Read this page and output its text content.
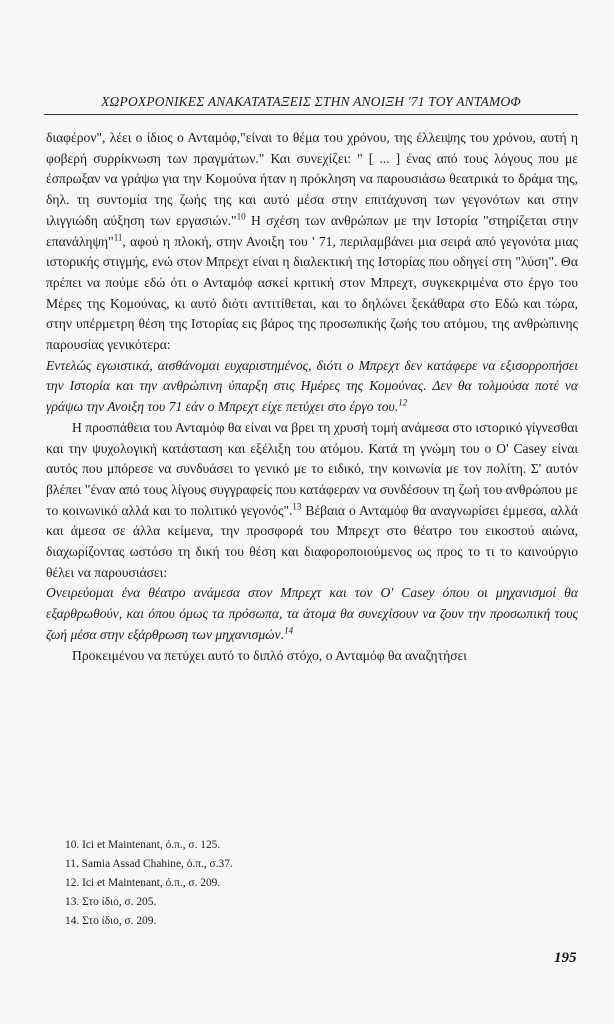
ΧΩΡΟΧΡΟΝΙΚΕΣ ΑΝΑΚΑΤΑΤΑΞΕΙΣ ΣΤΗΝ ΑΝΟΙΞΗ '71 ΤΟΥ ΑΝΤΑΜΟΦ

διαφέρον", λέει ο ίδιος ο Ανταμόφ,"είναι το θέμα του χρόνου, της έλλειψης του χρόνου, αυτή η φοβερή συρρίκνωση των πραγμάτων." Και συνεχίζει: " [ ... ] ένας από τους λόγους που με έσπρωξαν να γράψω για την Κομούνα ήταν η πρόκληση να παρουσιάσω θεατρικά το δράμα της, δηλ. τη συντομία της ζωής της και αυτό μέσα στην επιτάχυνση των γεγονότων και στην ιλιγγιώδη αύξηση των εργασιών."$^{10}$ Η σχέση των ανθρώπων με την Ιστορία "στηρίζεται στην επανάληψη"$^{11}$, αφού η πλοκή, στην Ανοιξη του ' 71, περιλαμβάνει μια σειρά από γεγονότα μιας ιστορικής στιγμής, ενώ στον Μπρεχτ είναι η διαλεκτική της Ιστορίας που οδηγεί στη "λύση". Θα πρέπει να πούμε εδώ ότι ο Ανταμόφ ασκεί κριτική στον Μπρεχτ, συγκεκριμένα στο έργο του Μέρες της Κομούνας, κι αυτό διότι αντιτίθεται, και το δηλώνει ξεκάθαρα στο Εδώ και τώρα, στην υπέρμετρη θέση της Ιστορίας εις βάρος της προσωπικής ζωής του ατόμου, της ανθρώπινης παρουσίας γενικότερα:

Εντελώς εγωιστικά, αισθάνομαι ευχαριστημένος, διότι ο Μπρεχτ δεν κατάφερε να εξισορροπήσει την Ιστορία και την ανθρώπινη ύπαρξη στις Ημέρες της Κομούνας. Δεν θα τολμούσα ποτέ να γράψω την Ανοιξη του 71 εάν ο Μπρεχτ είχε πετύχει στο έργο του.$^{12}$

Η προσπάθεια του Ανταμόφ θα είναι να βρει τη χρυσή τομή ανάμεσα στο ιστορικό γίγνεσθαι και την ψυχολογική κατάσταση και εξέλιξη του ατόμου. Κατά τη γνώμη του ο O' Casey είναι αυτός που μπόρεσε να συνδυάσει το γενικό με το ειδικό, την κοινωνία με τον πολίτη. Σ' αυτόν βλέπει "έναν από τους λίγους συγγραφείς που κατάφεραν να συνδέσουν τη ζωή του ανθρώπου με το κοινωνικό αλλά και το πολιτικό γεγονός".$^{13}$ Βέβαια ο Ανταμόφ θα αναγνωρίσει έμμεσα, αλλά και άμεσα σε άλλα κείμενα, την προσφορά του Μπρεχτ στο θέατρο του εικοστού αιώνα, διαχωρίζοντας ωστόσο τη δική του θέση και διαφοροποιούμενος ως προς το τι το καινούργιο θέλει να παρουσιάσει:

Ονειρεύομαι ένα θέατρο ανάμεσα στον Μπρεχτ και τον O' Casey όπου οι μηχανισμοί θα εξαρθρωθούν, και όπου όμως τα πρόσωπα, τα άτομα θα συνεχίσουν να ζουν την προσωπική τους ζωή μέσα στην εξάρθρωση των μηχανισμών.$^{14}$

Προκειμένου να πετύχει αυτό το διπλό στόχο, ο Ανταμόφ θα αναζητήσει

10. Ici et Maintenant, ό.π., σ. 125.
11. Samia Assad Chahine, ό.π., σ.37.
12. Ici et Maintenant, ό.π., σ. 209.
13. Στο ίδιο, σ. 205.
14. Στο ίδιο, σ. 209.
195
